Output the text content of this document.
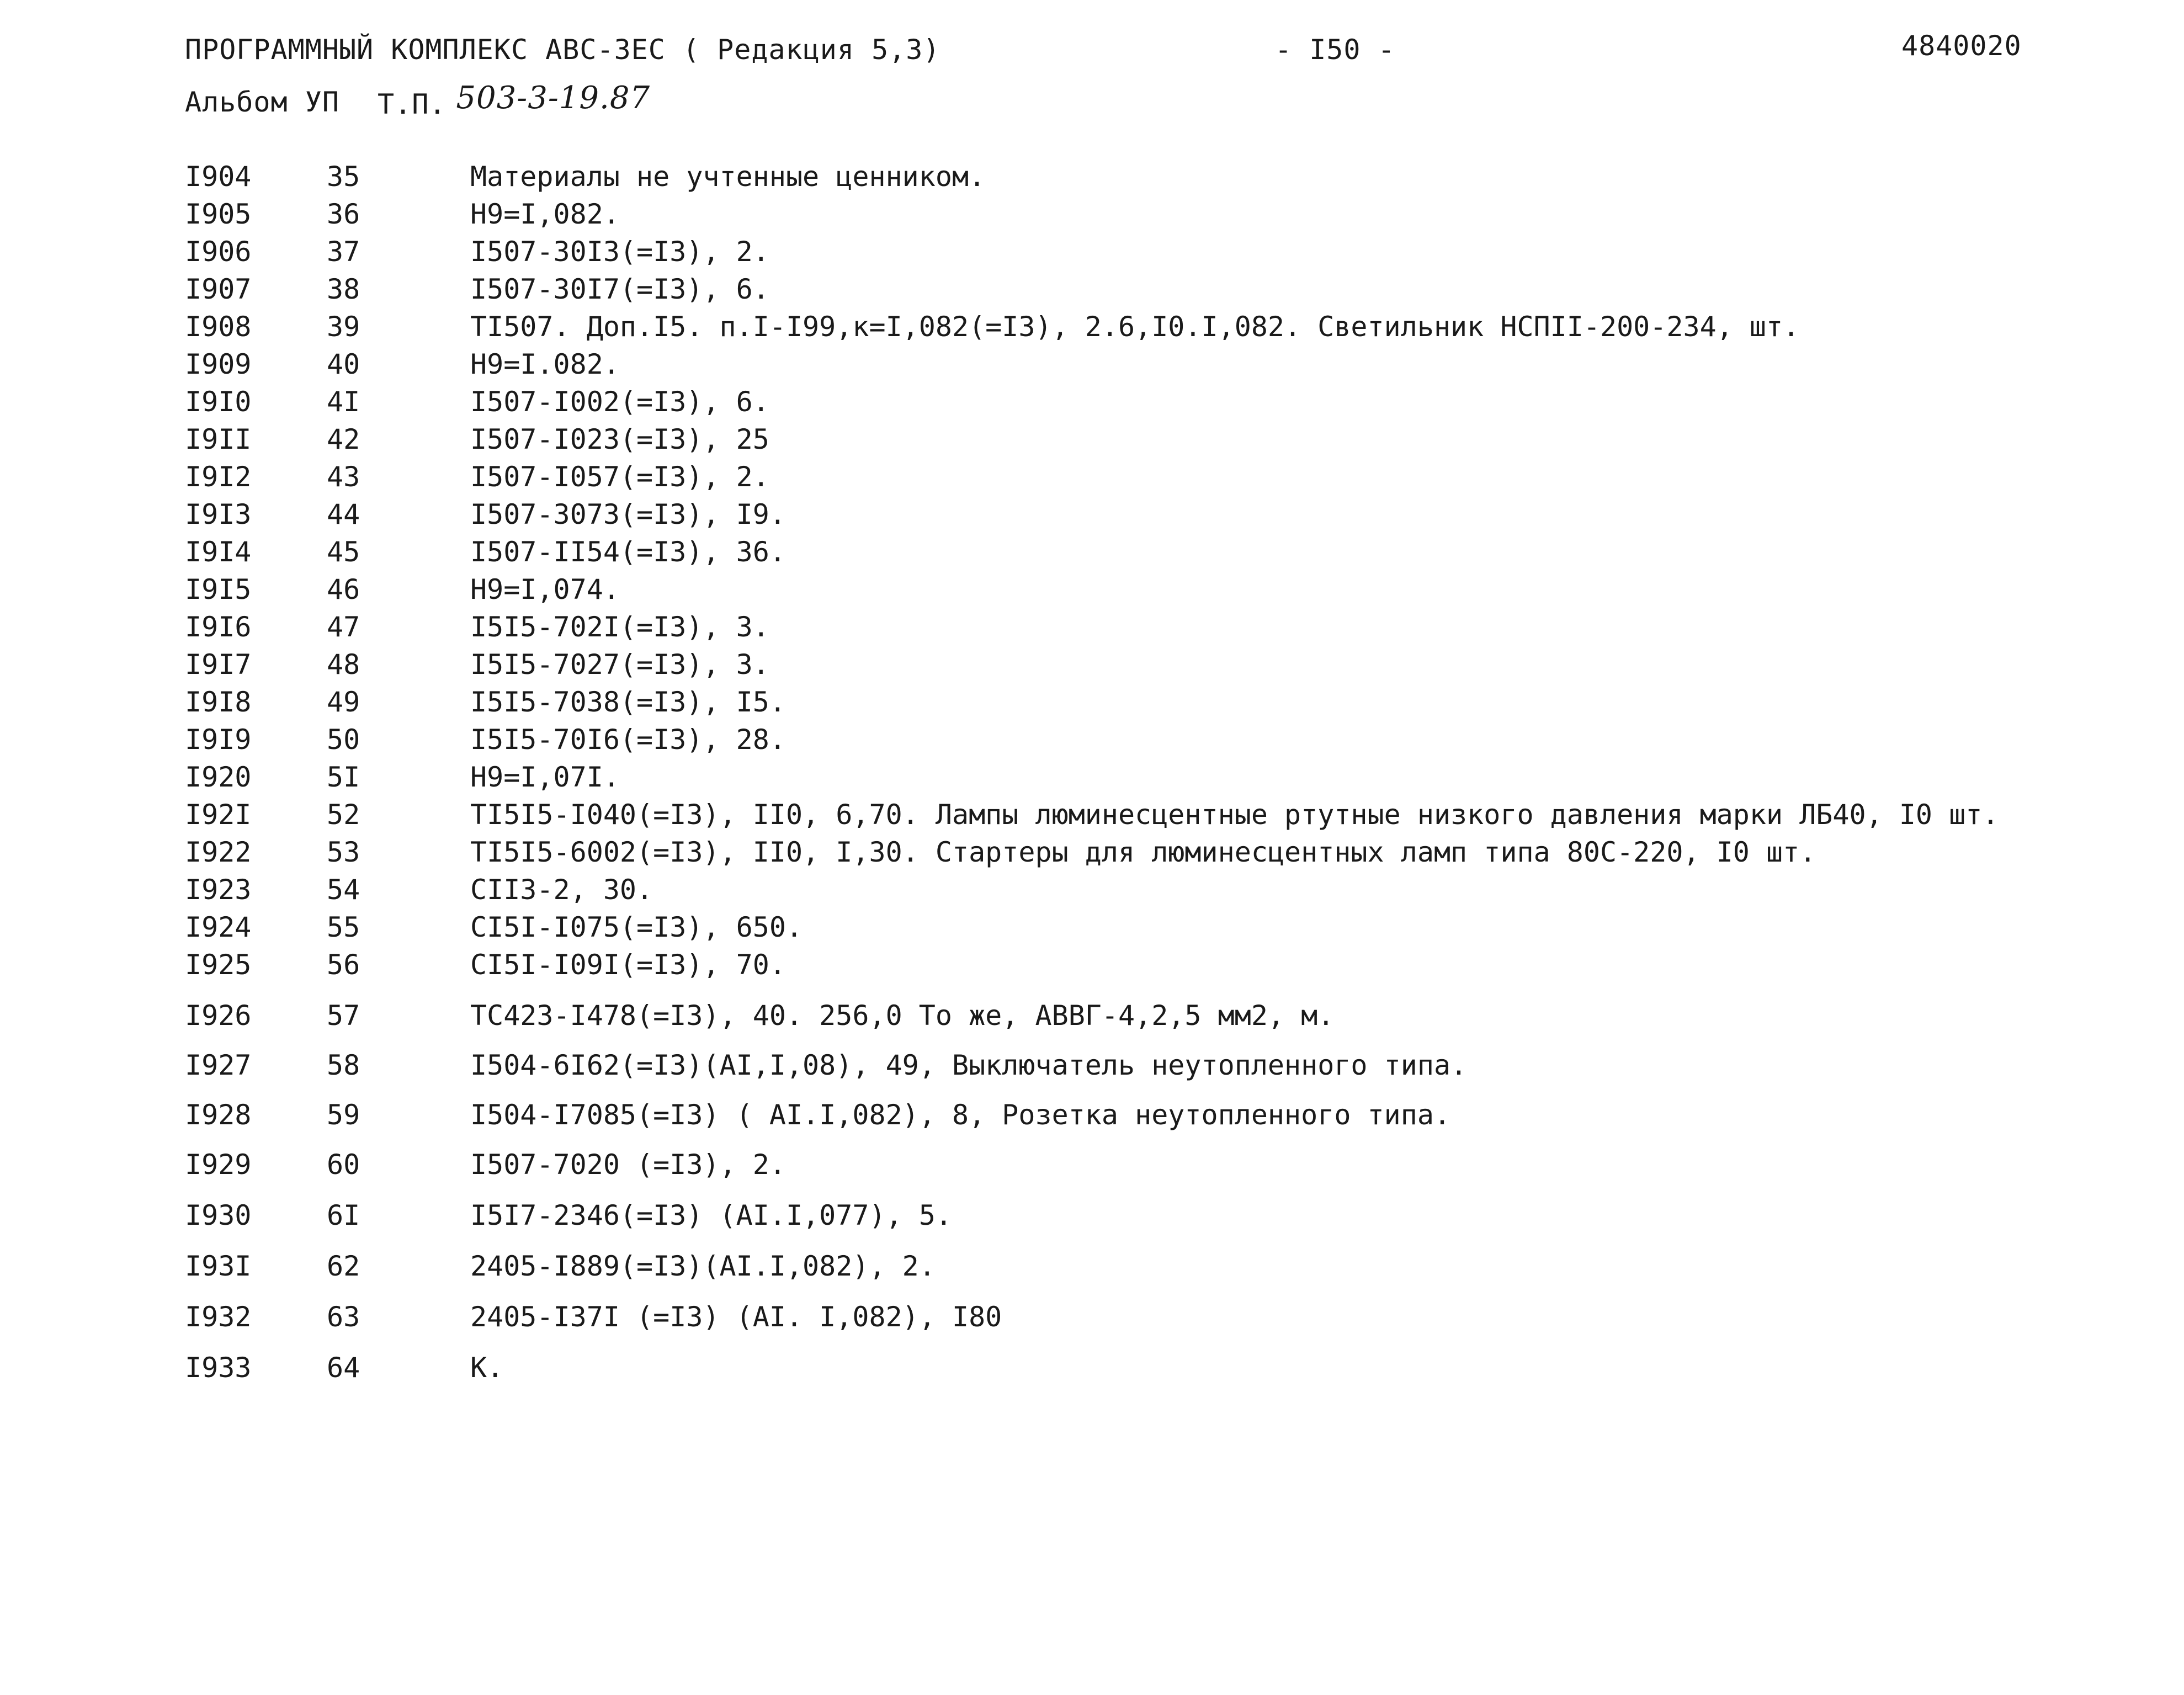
ПРОГРАММНЫЙ КОМПЛЕКС АВС-ЗЕС ( Редакция 5,3)	- I50 -	4840020
Альбом УП Т.П. 503-3-19.87
I904	35	Материалы не учтенные ценником.
I905	36	Н9=I,082.
I906	37	I507-30I3(=I3), 2.
I907	38	I507-30I7(=I3), 6.
I908	39	ТI507. Доп.I5. п.I-I99,к=I,082(=I3), 2.6,I0.I,082. Светильник НСПII-200-234, шт.
I909	40	Н9=I.082.
I9I0	4I	I507-I002(=I3), 6.
I9II	42	I507-I023(=I3), 25
I9I2	43	I507-I057(=I3), 2.
I9I3	44	I507-3073(=I3), I9.
I9I4	45	I507-II54(=I3), 36.
I9I5	46	Н9=I,074.
I9I6	47	I5I5-702I(=I3), 3.
I9I7	48	I5I5-7027(=I3), 3.
I9I8	49	I5I5-7038(=I3), I5.
I9I9	50	I5I5-70I6(=I3), 28.
I920	5I	Н9=I,07I.
I92I	52	ТI5I5-I040(=I3), II0, 6,70. Лампы люминесцентные ртутные низкого давления марки ЛБ40, I0 шт.
I922	53	ТI5I5-6002(=I3), II0, I,30. Стартеры для люминесцентных ламп типа 80С-220, I0 шт.
I923	54	СII3-2, 30.
I924	55	СI5I-I075(=I3), 650.
I925	56	СI5I-I09I(=I3), 70.
I926	57	ТС423-I478(=I3), 40. 256,0 То же, АВВГ-4,2,5 мм2, м.
I927	58	I504-6I62(=I3)(АI,I,08), 49, Выключатель неутопленного типа.
I928	59	I504-I7085(=I3) ( АI.I,082), 8, Розетка неутопленного типа.
I929	60	I507-7020 (=I3), 2.
I930	6I	I5I7-2346(=I3) (АI.I,077), 5.
I93I	62	2405-I889(=I3)(АI.I,082), 2.
I932	63	2405-I37I (=I3) (АI. I,082), I80
I933	64	К.
